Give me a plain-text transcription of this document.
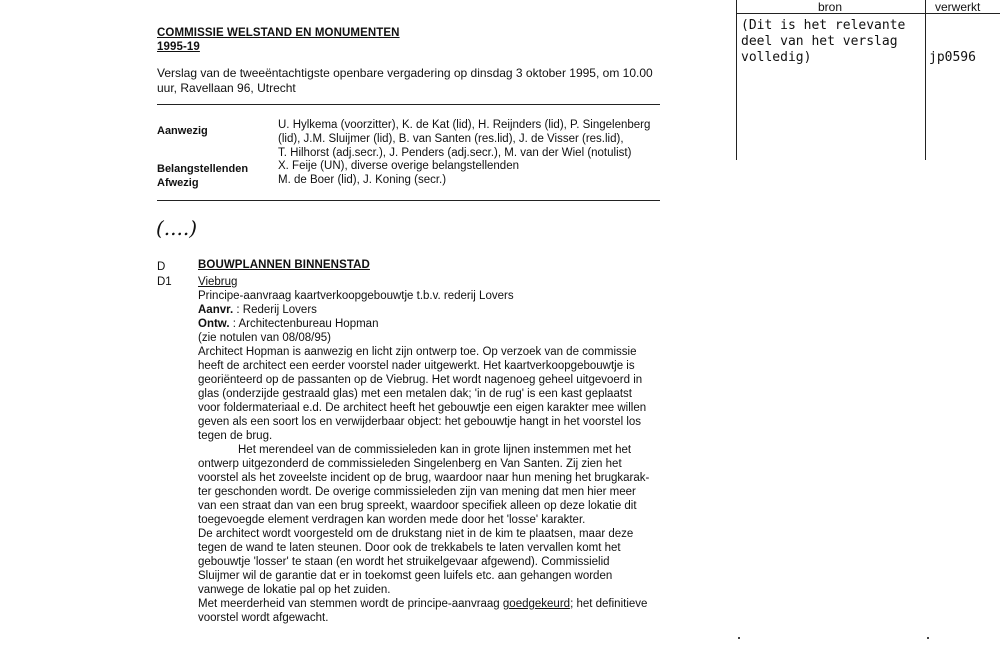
bron	verwerkt
(Dit is het relevante
deel van het verslag
volledig)	jp0596
COMMISSIE WELSTAND EN MONUMENTEN
1995-19
Verslag van de tweeëntachtigste openbare vergadering op dinsdag 3 oktober 1995, om 10.00
uur, Ravellaan 96, Utrecht
Aanwezig	U. Hylkema (voorzitter), K. de Kat (lid), H. Reijnders (lid), P. Singelenberg
(lid), J.M. Sluijmer (lid), B. van Santen (res.lid), J. de Visser (res.lid),
T. Hilhorst (adj.secr.), J. Penders (adj.secr.), M. van der Wiel (notulist)
Belangstellenden	X. Feije (UN), diverse overige belangstellenden
Afwezig	M. de Boer (lid), J. Koning (secr.)
(....)
D	BOUWPLANNEN BINNENSTAD
D1 Viebrug

Principe-aanvraag kaartverkoopgebouwtje t.b.v. rederij Lovers

Aanvr. : Rederij Lovers

Ontw. : Architectenbureau Hopman

(zie notulen van 08/08/95)

Architect Hopman is aanwezig en licht zijn ontwerp toe. Op verzoek van de commissie

heeft de architect een eerder voorstel nader uitgewerkt. Het kaartverkoopgebouwtje is

georiënteerd op de passanten op de Viebrug. Het wordt nagenoeg geheel uitgevoerd in

glas (onderzijde gestraald glas) met een metalen dak; 'in de rug' is een kast geplaatst

voor foldermateriaal e.d. De architect heeft het gebouwtje een eigen karakter mee willen

geven als een soort los en verwijderbaar object: het gebouwtje hangt in het voorstel los

tegen de brug.

Het merendeel van de commissieleden kan in grote lijnen instemmen met het

ontwerp uitgezonderd de commissieleden Singelenberg en Van Santen. Zij zien het

voorstel als het zoveelste incident op de brug, waardoor naar hun mening het brugkarak-

ter geschonden wordt. De overige commissieleden zijn van mening dat men hier meer

van een straat dan van een brug spreekt, waardoor specifiek alleen op deze lokatie dit

toegevoegde element verdragen kan worden mede door het 'losse' karakter.

De architect wordt voorgesteld om de drukstang niet in de kim te plaatsen, maar deze

tegen de wand te laten steunen. Door ook de trekkabels te laten vervallen komt het

gebouwtje 'losser' te staan (en wordt het struikelgevaar afgewend). Commissielid

Sluijmer wil de garantie dat er in toekomst geen luifels etc. aan gehangen worden

vanwege de lokatie pal op het zuiden.

Met meerderheid van stemmen wordt de principe-aanvraag goedgekeurd; het definitieve

voorstel wordt afgewacht.
